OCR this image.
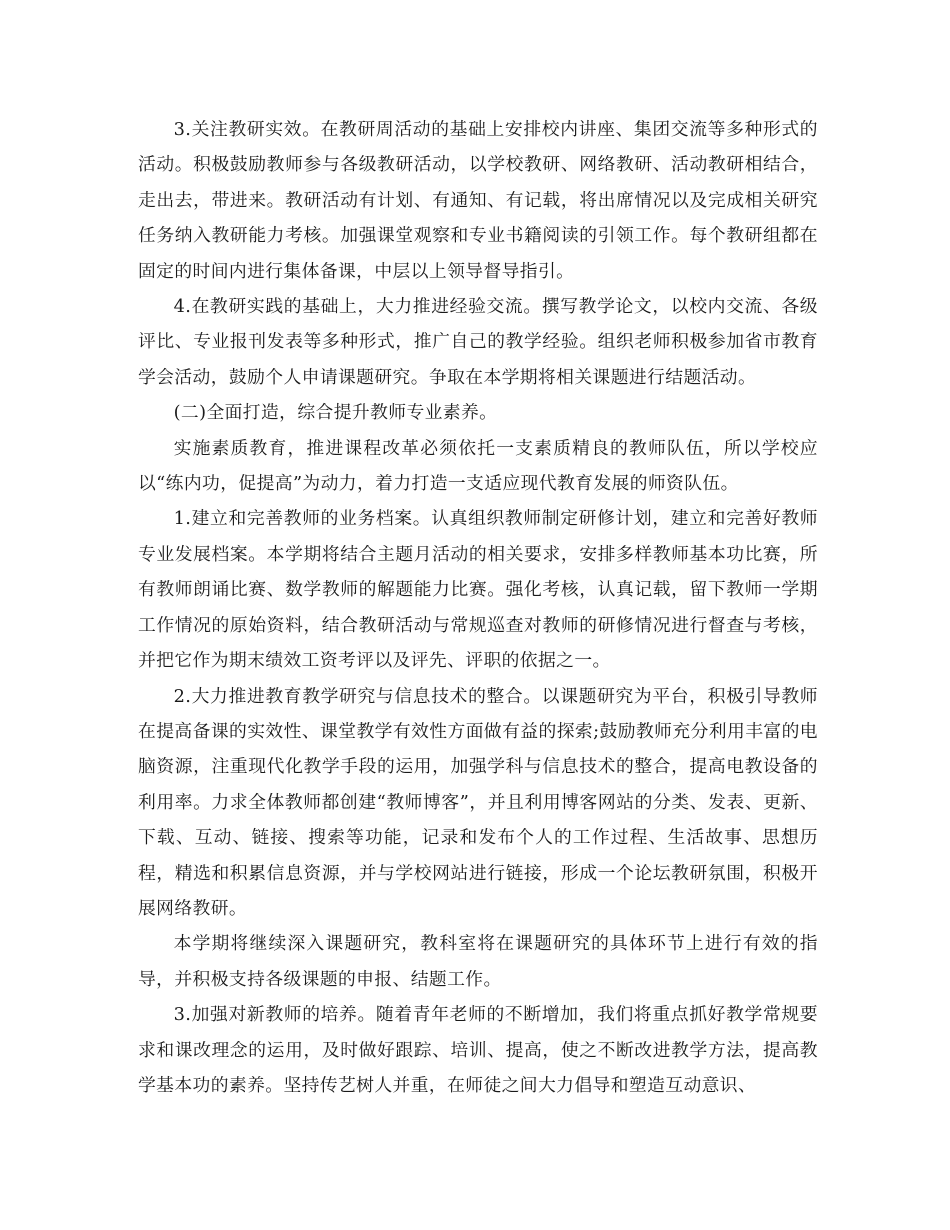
3.关注教研实效。在教研周活动的基础上安排校内讲座、集团交流等多种形式的活动。积极鼓励教师参与各级教研活动，以学校教研、网络教研、活动教研相结合，走出去，带进来。教研活动有计划、有通知、有记载，将出席情况以及完成相关研究任务纳入教研能力考核。加强课堂观察和专业书籍阅读的引领工作。每个教研组都在固定的时间内进行集体备课，中层以上领导督导指引。

4.在教研实践的基础上，大力推进经验交流。撰写教学论文，以校内交流、各级评比、专业报刊发表等多种形式，推广自己的教学经验。组织老师积极参加省市教育学会活动，鼓励个人申请课题研究。争取在本学期将相关课题进行结题活动。

(二)全面打造，综合提升教师专业素养。

实施素质教育，推进课程改革必须依托一支素质精良的教师队伍，所以学校应以“练内功，促提高”为动力，着力打造一支适应现代教育发展的师资队伍。

1.建立和完善教师的业务档案。认真组织教师制定研修计划，建立和完善好教师专业发展档案。本学期将结合主题月活动的相关要求，安排多样教师基本功比赛，所有教师朗诵比赛、数学教师的解题能力比赛。强化考核，认真记载，留下教师一学期工作情况的原始资料，结合教研活动与常规巡查对教师的研修情况进行督查与考核，并把它作为期末绩效工资考评以及评先、评职的依据之一。

2.大力推进教育教学研究与信息技术的整合。以课题研究为平台，积极引导教师在提高备课的实效性、课堂教学有效性方面做有益的探索;鼓励教师充分利用丰富的电脑资源，注重现代化教学手段的运用，加强学科与信息技术的整合，提高电教设备的利用率。力求全体教师都创建“教师博客”，并且利用博客网站的分类、发表、更新、下载、互动、链接、搜索等功能，记录和发布个人的工作过程、生活故事、思想历程，精选和积累信息资源，并与学校网站进行链接，形成一个论坛教研氛围，积极开展网络教研。

本学期将继续深入课题研究，教科室将在课题研究的具体环节上进行有效的指导，并积极支持各级课题的申报、结题工作。

3.加强对新教师的培养。随着青年老师的不断增加，我们将重点抓好教学常规要求和课改理念的运用，及时做好跟踪、培训、提高，使之不断改进教学方法，提高教学基本功的素养。坚持传艺树人并重，在师徒之间大力倡导和塑造互动意识、
